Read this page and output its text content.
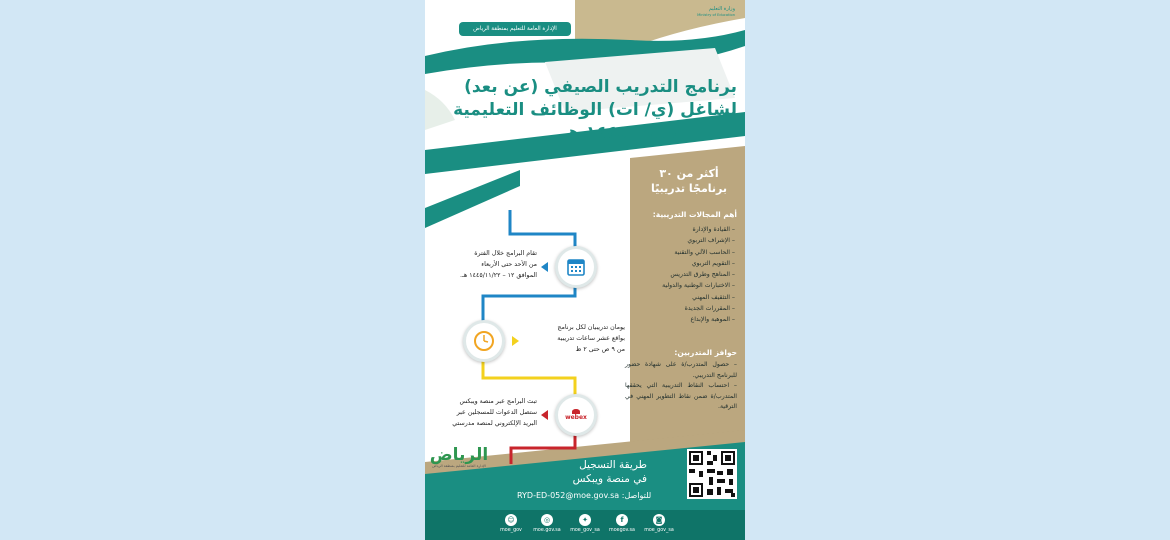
الإدارة العامة للتعليم بمنطقة الرياض
وزارة التعليم
Ministry of Education
برنامج التدريب الصيفي (عن بعد)
لشاغل (ي/ ات) الوظائف التعليمية
صيف ١٤٤٥ هـ
أكثر من ٣٠
برنامجًا تدريبيًا
أهم المجالات التدريبية:
– القيادة والإدارة
– الإشراف التربوي
– الحاسب الآلي والتقنية
– التقويم التربوي
– المناهج وطرق التدريس
– الاختبارات الوطنية والدولية
– التثقيف المهني
– المقررات الجديدة
– الموهبة والإبداع
حوافز المتدربين:
– حصول المتدرب/ة على شهادة حضور للبرنامج التدريبي.
– احتساب النقاط التدريبية التي يحققها المتدرب/ة ضمن نقاط التطوير المهني في الترقية.
تقام البرامج خلال الفترة
من الأحد حتى الأربعاء
الموافق ١٢ – ١٤٤٥/١١/٢٢ هـ.
يومان تدريبيان لكل برنامج
بواقع عشر ساعات تدريبية
من ٩ ص حتى ٢ ظ
webex
تبث البرامج عبر منصة ويبكس
ستصل الدعوات للمسجلين عبر
البريد الإلكتروني لمنصة مدرستي
الرياض
الإدارة العامة للتعليم بمنطقة الرياض	طريقة التسجيل
في منصة ويبكس
للتواصل: RYD-ED-052@moe.gov.sa
☺
moe_gov
◎
moe.gov.sa
✦
moe_gov_sa
f
moegov.sa
◙
moe_gov_sa
